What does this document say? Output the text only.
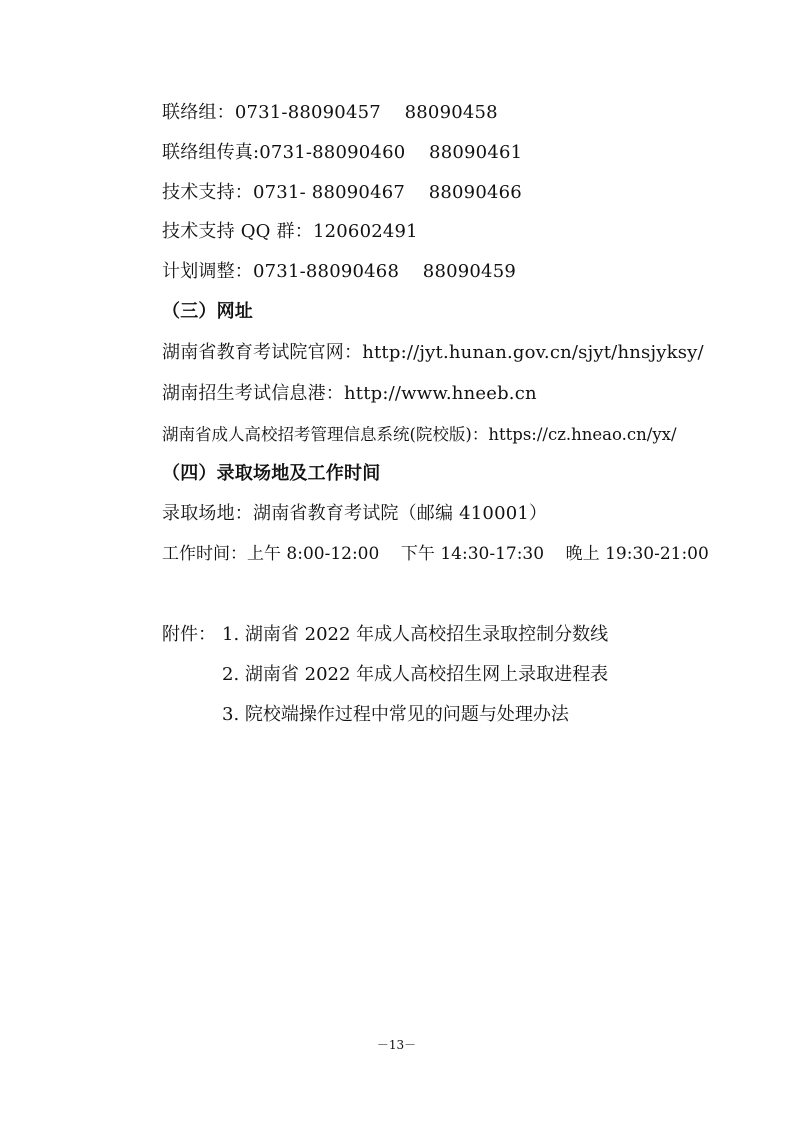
联络组：0731-88090457    88090458
联络组传真:0731-88090460    88090461
技术支持：0731- 88090467    88090466
技术支持 QQ 群：120602491
计划调整：0731-88090468    88090459
（三）网址
湖南省教育考试院官网：http://jyt.hunan.gov.cn/sjyt/hnsjyksy/
湖南招生考试信息港：http://www.hneeb.cn
湖南省成人高校招考管理信息系统(院校版)：https://cz.hneao.cn/yx/
（四）录取场地及工作时间
录取场地：湖南省教育考试院（邮编 410001）
工作时间：上午 8:00-12:00    下午 14:30-17:30    晚上 19:30-21:00
附件： 1. 湖南省 2022 年成人高校招生录取控制分数线
2. 湖南省 2022 年成人高校招生网上录取进程表
3. 院校端操作过程中常见的问题与处理办法
－13－
